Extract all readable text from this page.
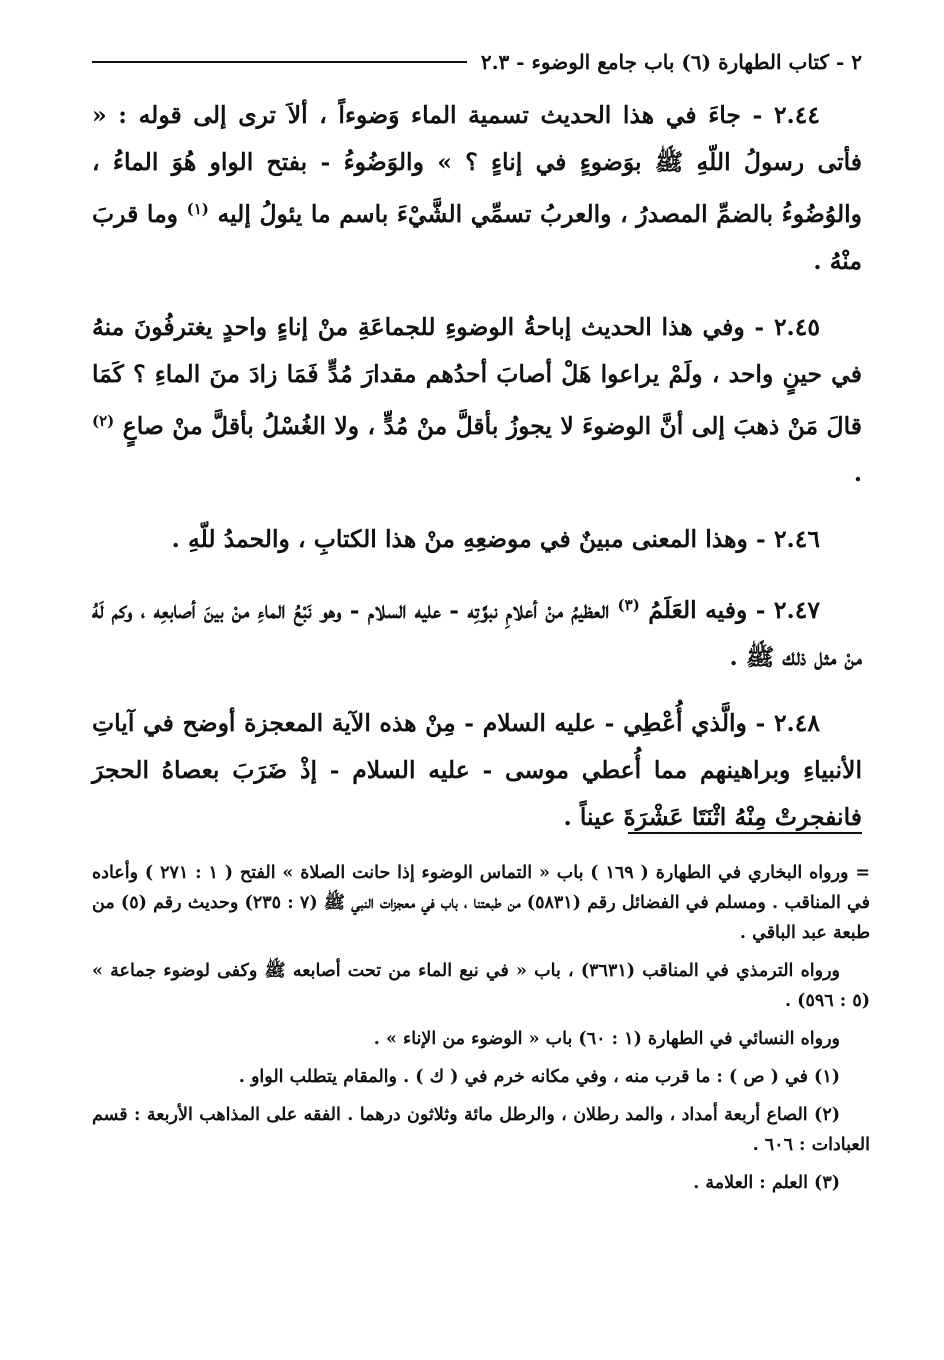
٢ - كتاب الطهارة (٦) باب جامع الوضوء - ٢.٣

٢.٤٤ - جاءَ في هذا الحديث تسمية الماء وَضوءاً ، ألاَ ترى إلى قوله : « فأتى رسولُ اللّهِ ﷺ بوَضوءٍ في إناءٍ ؟ » والوَضُوءُ - بفتح الواو هُوَ الماءُ ، والوُضُوءُ بالضمِّ المصدرُ ، والعربُ تسمِّي الشَّيْءَ باسم ما يئولُ إليه $^{(١)}$ وما قربَ منْهُ .

٢.٤٥ - وفي هذا الحديث إباحةُ الوضوءِ للجماعَةِ منْ إناءٍ واحدٍ يغترفُونَ منهُ في حينٍ واحد ، ولَمْ يراعوا هَلْ أصابَ أحدُهم مقدارَ مُدٍّ فَمَا زادَ منَ الماءِ ؟ كَمَا قالَ مَنْ ذهبَ إلى أنَّ الوضوءَ لا يجوزُ بأقلَّ منْ مُدٍّ ، ولا الغُسْلُ بأقلَّ منْ صاعٍ $^{(٢)}$ .

٢.٤٦ - وهذا المعنى مبينٌ في موضعِهِ منْ هذا الكتابِ ، والحمدُ للّهِ .

٢.٤٧ - وفيه العَلَمُ $^{(٣)}$ العظيمُ منْ أعلامِ نبوَّتِه - عليه السلام - وهو نَبْعُ الماءِ منْ بينَ أصابعِه ، وكم لَهُ منْ مثل ذلك ﷺ .

٢.٤٨ - والَّذي أُعْطِي - عليه السلام - مِنْ هذه الآية المعجزة أوضح في آياتِ الأنبياءِ وبراهينهم مما أُعطي موسى - عليه السلام - إذْ ضَرَبَ بعصاهُ الحجرَ فانفجرتْ مِنْهُ اثْنَتَا عَشْرَةَ عيناً .

= ورواه البخاري في الطهارة ( ١٦٩ ) باب « التماس الوضوء إذا حانت الصلاة » الفتح ( ١ : ٢٧١ ) وأعاده في المناقب . ومسلم في الفضائل رقم (٥٨٣١) من طبعتنا ، باب في معجزات النبي ﷺ (٧ : ٢٣٥) وحديث رقم (٥) من طبعة عبد الباقي .

ورواه الترمذي في المناقب (٣٦٣١) ، باب « في نبع الماء من تحت أصابعه ﷺ وكفى لوضوء جماعة » (٥ : ٥٩٦) .

ورواه النسائي في الطهارة (١ : ٦٠) باب « الوضوء من الإناء » .

(١) في ( ص ) : ما قرب منه ، وفي مكانه خرم في ( ك ) . والمقام يتطلب الواو .

(٢) الصاع أربعة أمداد ، والمد رطلان ، والرطل مائة وثلاثون درهما . الفقه على المذاهب الأربعة : قسم العبادات : ٦٠٦ .

(٣) العلم : العلامة .
